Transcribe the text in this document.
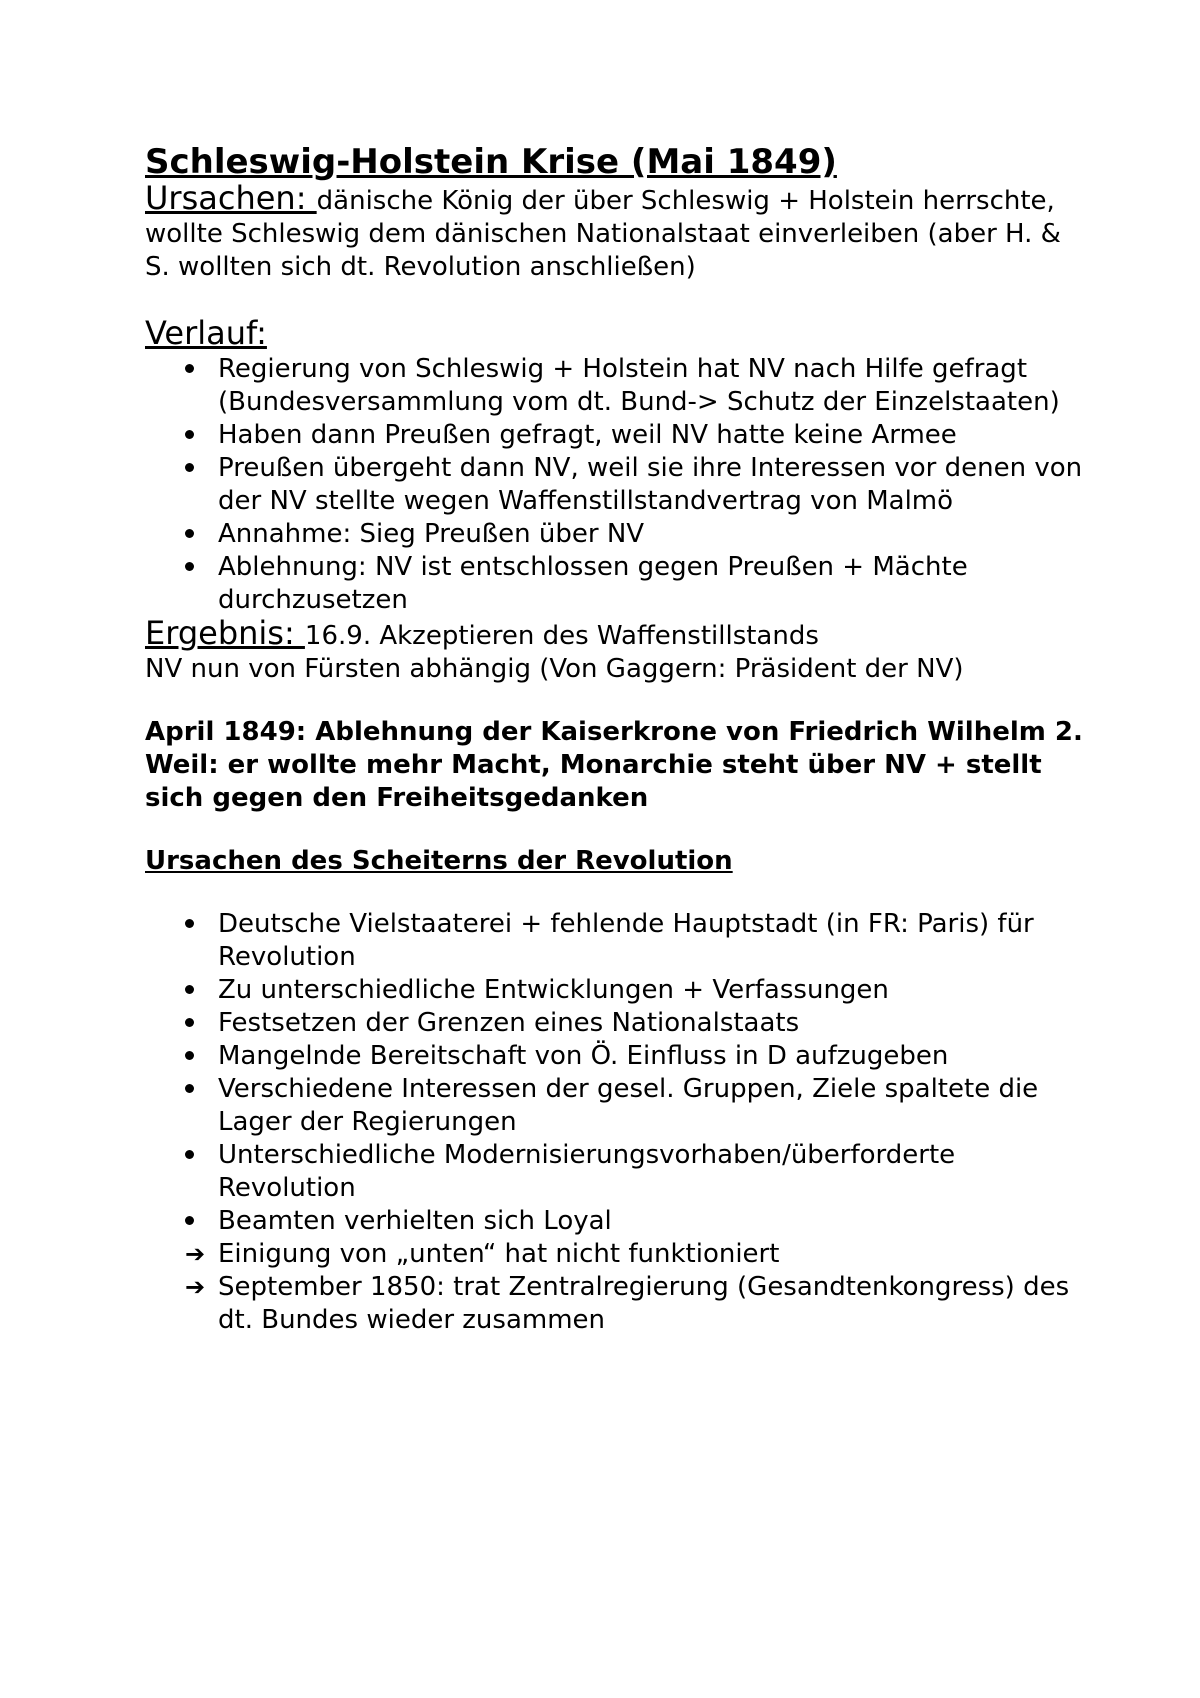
Schleswig-Holstein Krise (Mai 1849)

Ursachen: dänische König der über Schleswig + Holstein herrschte, wollte Schleswig dem dänischen Nationalstaat einverleiben (aber H. & S. wollten sich dt. Revolution anschließen)

Verlauf:

Regierung von Schleswig + Holstein hat NV nach Hilfe gefragt (Bundesversammlung vom dt. Bund-> Schutz der Einzelstaaten)
Haben dann Preußen gefragt, weil NV hatte keine Armee
Preußen übergeht dann NV, weil sie ihre Interessen vor denen von der NV stellte wegen Waffenstillstandvertrag von Malmö
Annahme: Sieg Preußen über NV
Ablehnung: NV ist entschlossen gegen Preußen + Mächte durchzusetzen

Ergebnis: 16.9. Akzeptieren des Waffenstillstands

NV nun von Fürsten abhängig (Von Gaggern: Präsident der NV)

April 1849: Ablehnung der Kaiserkrone von Friedrich Wilhelm 2.

Weil: er wollte mehr Macht, Monarchie steht über NV + stellt sich gegen den Freiheitsgedanken

Ursachen des Scheiterns der Revolution

Deutsche Vielstaaterei + fehlende Hauptstadt (in FR: Paris) für Revolution
Zu unterschiedliche Entwicklungen + Verfassungen
Festsetzen der Grenzen eines Nationalstaats
Mangelnde Bereitschaft von Ö. Einfluss in D aufzugeben
Verschiedene Interessen der gesel. Gruppen, Ziele spaltete die Lager der Regierungen
Unterschiedliche Modernisierungsvorhaben/überforderte Revolution
Beamten verhielten sich Loyal
➔ Einigung von „unten“ hat nicht funktioniert
➔ September 1850: trat Zentralregierung (Gesandtenkongress) des dt. Bundes wieder zusammen
